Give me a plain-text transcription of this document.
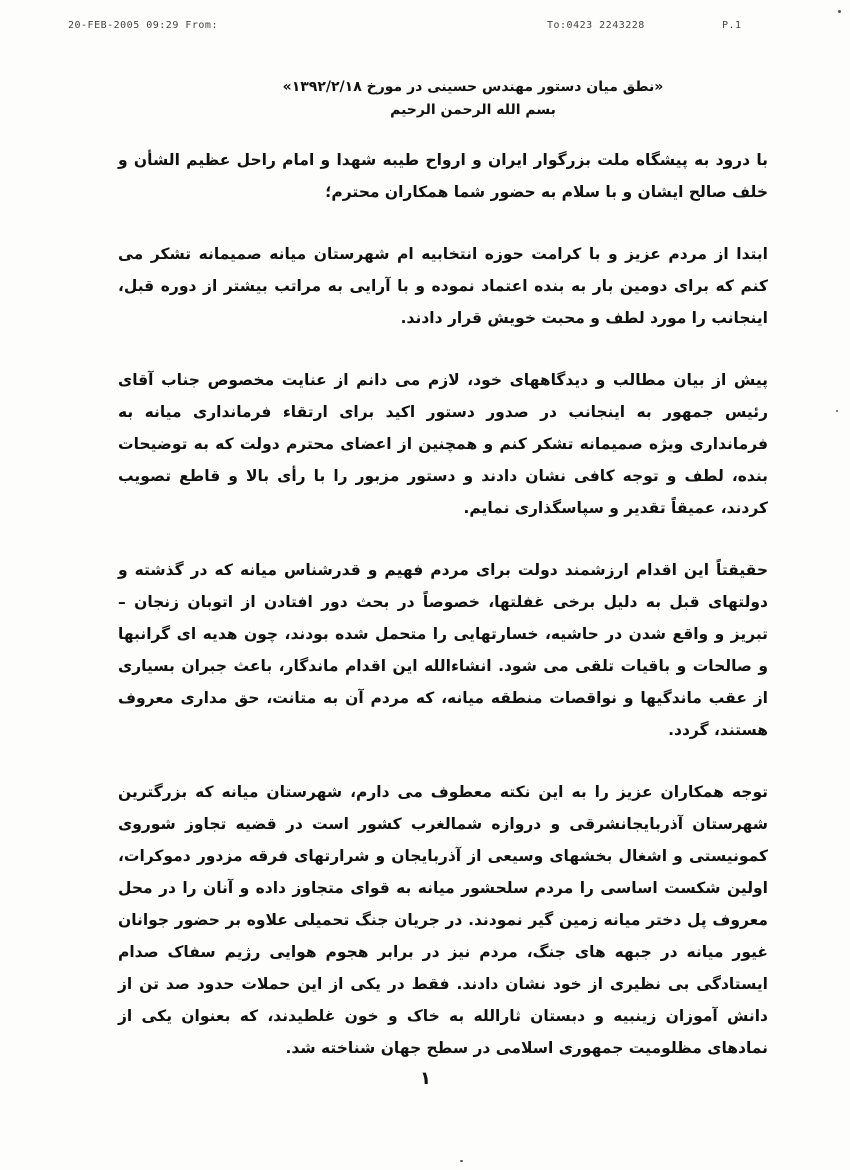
20-FEB-2005 09:29 From:	To:0423 2243228	P.1

«نطق میان دستور مهندس حسینی در مورخ ۱۳۹۲/۲/۱۸»

بسم الله الرحمن الرحیم

با درود به پیشگاه ملت بزرگوار ایران و ارواح طیبه شهدا و امام راحل عظیم الشأن و خلف صالح ایشان و با سلام به حضور شما همکاران محترم؛

ابتدا از مردم عزیز و با کرامت حوزه انتخابیه ام شهرستان میانه صمیمانه تشکر می کنم که برای دومین بار به بنده اعتماد نموده و با آرایی به مراتب بیشتر از دوره قبل، اینجانب را مورد لطف و محبت خویش قرار دادند.

پیش از بیان مطالب و دیدگاههای خود، لازم می دانم از عنایت مخصوص جناب آقای رئیس جمهور به اینجانب در صدور دستور اکید برای ارتقاء فرمانداری میانه به فرمانداری ویژه صمیمانه تشکر کنم و همچنین از اعضای محترم دولت که به توضیحات بنده، لطف و توجه کافی نشان دادند و دستور مزبور را با رأی بالا و قاطع تصویب کردند، عمیقاً تقدیر و سپاسگذاری نمایم.

حقیقتاً این اقدام ارزشمند دولت برای مردم فهیم و قدرشناس میانه که در گذشته و دولتهای قبل به دلیل برخی غفلتها، خصوصاً در بحث دور افتادن از اتوبان زنجان – تبریز و واقع شدن در حاشیه، خسارتهایی را متحمل شده بودند، چون هدیه ای گرانبها و صالحات و باقیات تلقی می شود. انشاءالله این اقدام ماندگار، باعث جبران بسیاری از عقب ماندگیها و نواقصات منطقه میانه، که مردم آن به متانت، حق مداری معروف هستند، گردد.

توجه همکاران عزیز را به این نکته معطوف می دارم، شهرستان میانه که بزرگترین شهرستان آذربایجانشرقی و دروازه شمالغرب کشور است در قضیه تجاوز شوروی کمونیستی و اشغال بخشهای وسیعی از آذربایجان و شرارتهای فرقه مزدور دموکرات، اولین شکست اساسی را مردم سلحشور میانه به قوای متجاوز داده و آنان را در محل معروف پل دختر میانه زمین گیر نمودند. در جریان جنگ تحمیلی علاوه بر حضور جوانان غیور میانه در جبهه های جنگ، مردم نیز در برابر هجوم هوایی رژیم سفاک صدام ایستادگی بی نظیری از خود نشان دادند. فقط در یکی از این حملات حدود صد تن از دانش آموزان زینبیه و دبستان ثارالله به خاک و خون غلطیدند، که بعنوان یکی از نمادهای مظلومیت جمهوری اسلامی در سطح جهان شناخته شد.

۱
